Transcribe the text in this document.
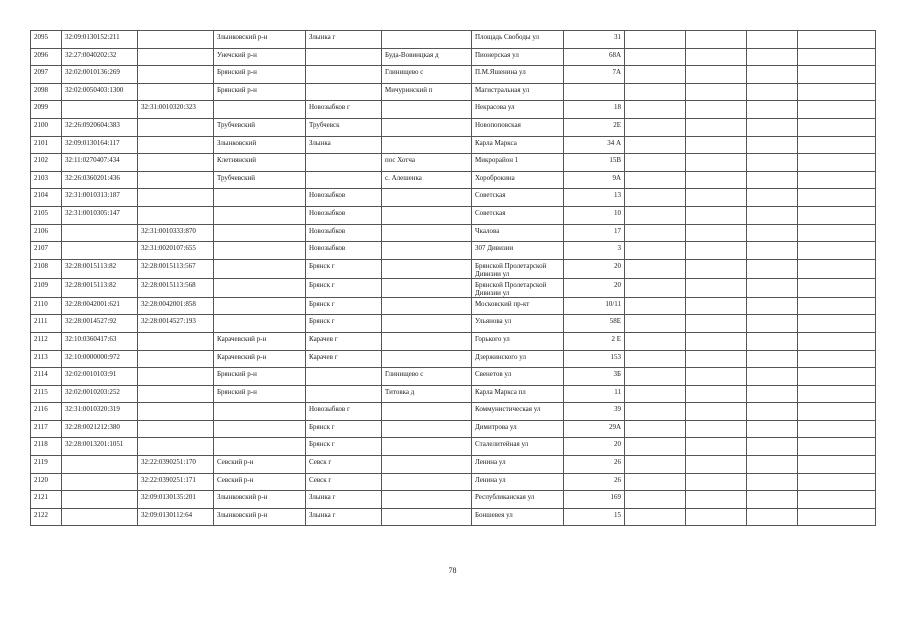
2095	32:09:0130152:211		Злынковский р-н	Злынка г		Площадь Свободы ул	31				
2096	32:27:0040202:32		Унечский р-н		Буда-Вовинцкая д	Пионерская ул	68А				
2097	32:02:0010136:269		Брянский р-н		Глинищево с	П.М.Яшенина ул	7А				
2098	32:02:0050403:1300		Брянский р-н		Мичуринский п	Магистральная ул					
2099		32:31:0010320:323		Новозыбков г		Некрасова ул	18				
2100	32:26:0920604:383		Трубчевский	Трубчевск		Новопоповская	2Е				
2101	32:09:0130164:117		Злынковский	Злынка		Карла Маркса	34 А				
2102	32:11:0270407:434		Клетнянский		пос Хотча	Микрорайон 1	15В				
2103	32:26:0360201:436		Трубчевский		с. Алешенка	Хороброкина	9А				
2104	32:31:0010313:187			Новозыбков		Советская	13				
2105	32:31:0010305:147			Новозыбков		Советская	10				
2106		32:31:0010333:870		Новозыбков		Чкалова	17				
2107		32:31:0020107:655		Новозыбков		307 Дивизии	3				
2108	32:28:0015113:82	32:28:0015113:567		Брянск г		Брянской Пролетарской Дивизии ул	20				
2109	32:28:0015113:82	32:28:0015113:568		Брянск г		Брянской Пролетарской Дивизии ул	20				
2110	32:28:0042001:621	32:28:0042001:858		Брянск г		Московский пр-кт	10/11				
2111	32:28:0014527:92	32:28:0014527:193		Брянск г		Ульянова ул	58Е				
2112	32:10:0360417:63		Карачевский р-н	Карачев г		Горького ул	2 Е				
2113	32:10:0000000:972		Карачевский р-н	Карачев г		Дзержинского ул	153				
2114	32:02:0010103:91		Брянский р-н		Глинищево с	Свенетов ул	3Б				
2115	32:02:0010203:252		Брянский р-н		Титовка д	Карла Маркса пл	11				
2116	32:31:0010320:319			Новозыбков г		Коммунистическая ул	39				
2117	32:28:0021212:380			Брянск г		Димитрова ул	29А				
2118	32:28:0013201:1051			Брянск г		Сталелитейная ул	20				
2119		32:22:0390251:170	Севский р-н	Севск г		Ленина ул	26				
2120		32:22:0390251:171	Севский р-н	Севск г		Ленина ул	26				
2121		32:09:0130135:201	Злынковский р-н	Злынка г		Республиканская ул	169				
2122		32:09:0130112:64	Злынковский р-н	Злынка г		Боншевея ул	15				
78
